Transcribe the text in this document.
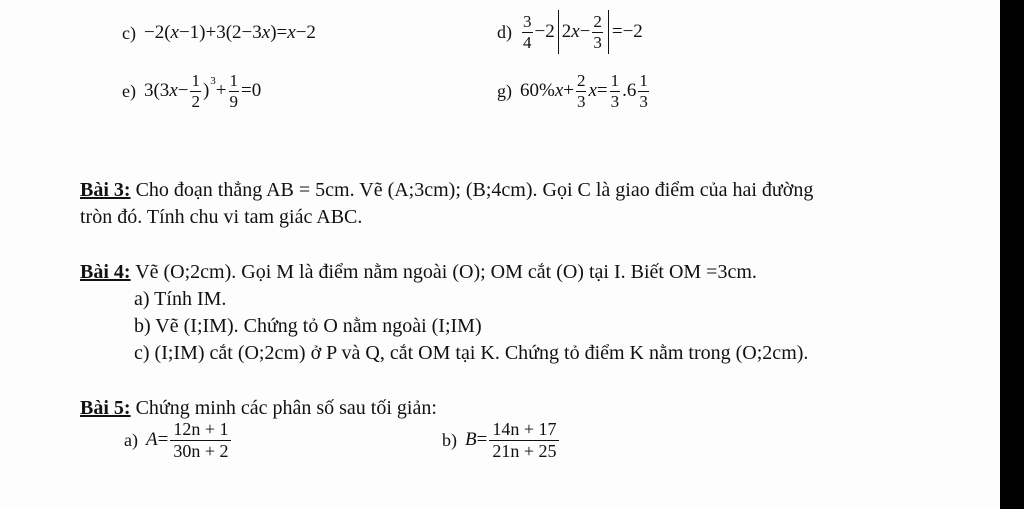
c) −2( x −1)+3(2−3 x )= x −2	$d) \frac{3}{4} -2$ 2 $x - \frac{2}{3} =-2$
e) 3(3 $x - \frac{1}{2}$ ) $3 + \frac{1}{9} =0$	g) 60% $x + \frac{2}{3}$ $x = \frac{1}{3} .6 \frac{1}{3}$
Bài 3: Cho đoạn thẳng AB = 5cm. Vẽ (A;3cm); (B;4cm). Gọi C là giao điểm của hai đường
tròn đó. Tính chu vi tam giác ABC.
Bài 4: Vẽ (O;2cm). Gọi M là điểm nằm ngoài (O); OM cắt (O) tại I. Biết OM =3cm.
a) Tính IM.
b) Vẽ (I;IM). Chứng tỏ O nằm ngoài (I;IM)
c) (I;IM) cắt (O;2cm) ở P và Q, cắt OM tại K. Chứng tỏ điểm K nằm trong (O;2cm).
Bài 5: Chứng minh các phân số sau tối giản:
a) $A = \frac{12n + 1}{30n + 2}$	b) $B = \frac{14n + 17}{21n + 25}$
